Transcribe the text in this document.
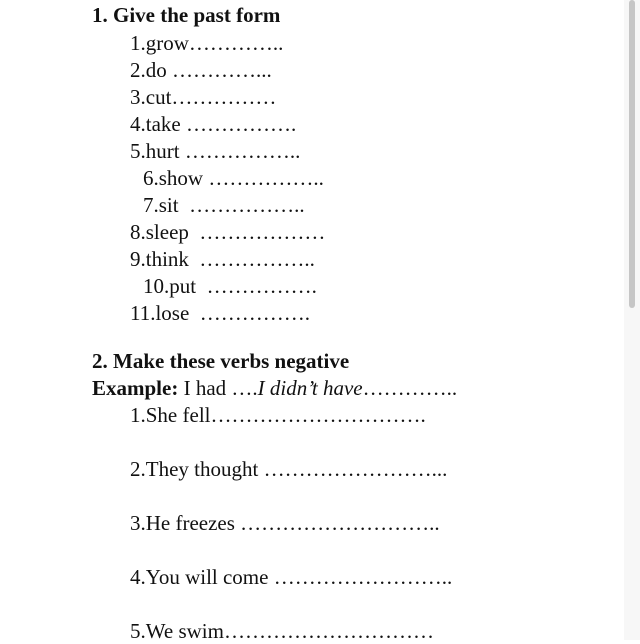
1. Give the past form
1.grow…………..
2.do …………...
3.cut……………
4.take …………….
5.hurt ……………..
6.show ……………..
7.sit  ……………..
8.sleep  ………………
9.think  ……………..
10.put  …………….
11.lose  …………….
2. Make these verbs negative
Example: I had ….I didn’t have…………..
1.She fell………………………….
2.They thought ……………………...
3.He freezes ………………………..
4.You will come ……………………..
5.We swim…………………………
